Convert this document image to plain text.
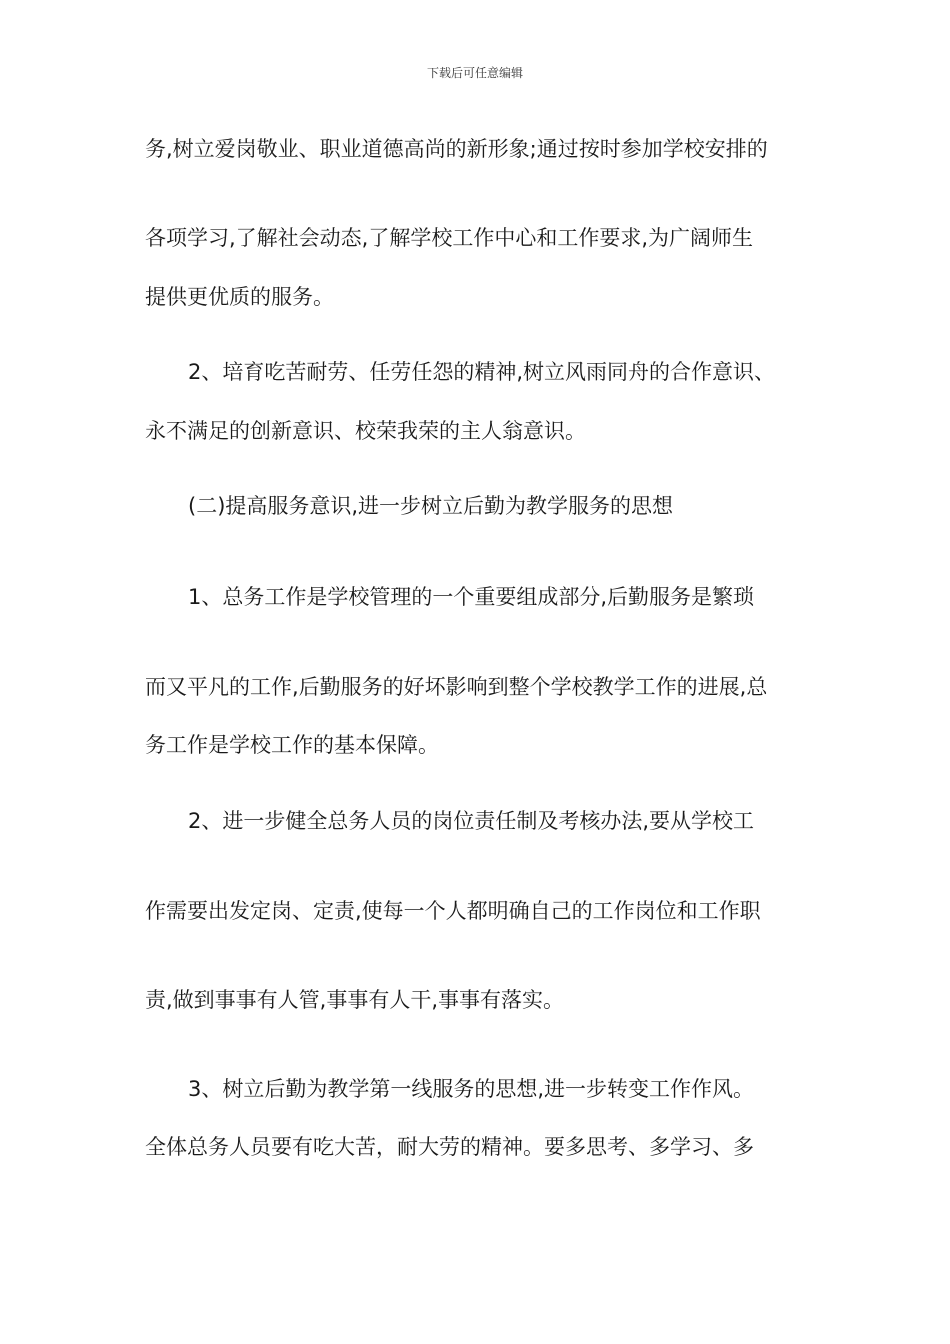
下载后可任意编辑
务,树立爱岗敬业、职业道德高尚的新形象;通过按时参加学校安排的
各项学习,了解社会动态,了解学校工作中心和工作要求,为广阔师生
提供更优质的服务。
2、培育吃苦耐劳、任劳任怨的精神,树立风雨同舟的合作意识、
永不满足的创新意识、校荣我荣的主人翁意识。
(二)提高服务意识,进一步树立后勤为教学服务的思想
1、总务工作是学校管理的一个重要组成部分,后勤服务是繁琐
而又平凡的工作,后勤服务的好坏影响到整个学校教学工作的进展,总
务工作是学校工作的基本保障。
2、进一步健全总务人员的岗位责任制及考核办法,要从学校工
作需要出发定岗、定责,使每一个人都明确自己的工作岗位和工作职
责,做到事事有人管,事事有人干,事事有落实。
3、树立后勤为教学第一线服务的思想,进一步转变工作作风。
全体总务人员要有吃大苦，耐大劳的精神。要多思考、多学习、多
